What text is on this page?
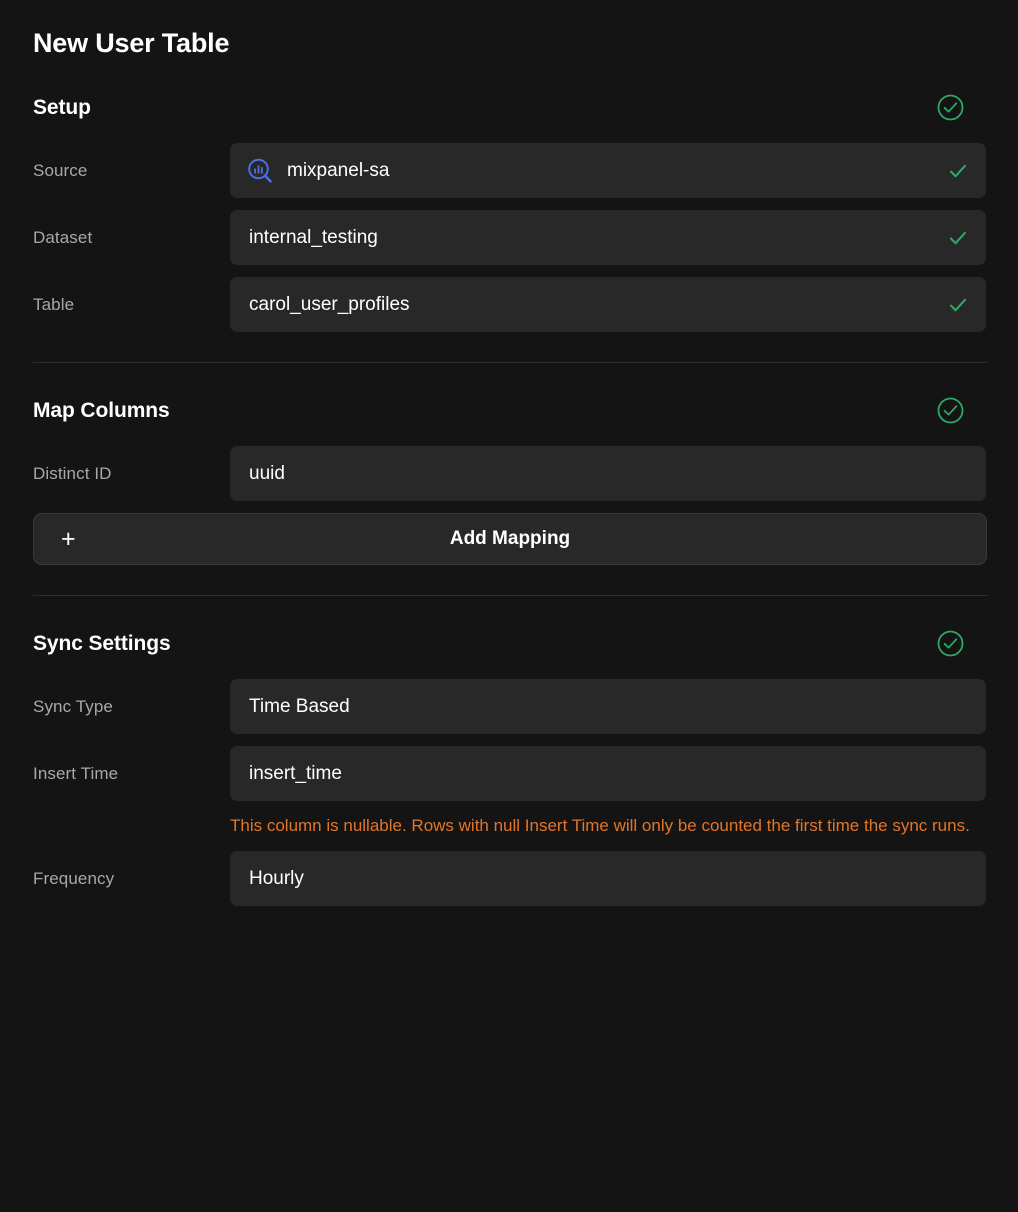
New User Table
Setup
Source	mixpanel-sa
Dataset	internal_testing
Table	carol_user_profiles
Map Columns
Distinct ID	uuid
+	Add Mapping
Sync Settings
Sync Type	Time Based
Insert Time	insert_time
This column is nullable. Rows with null Insert Time will only be counted the first time the sync runs.
Frequency	Hourly
